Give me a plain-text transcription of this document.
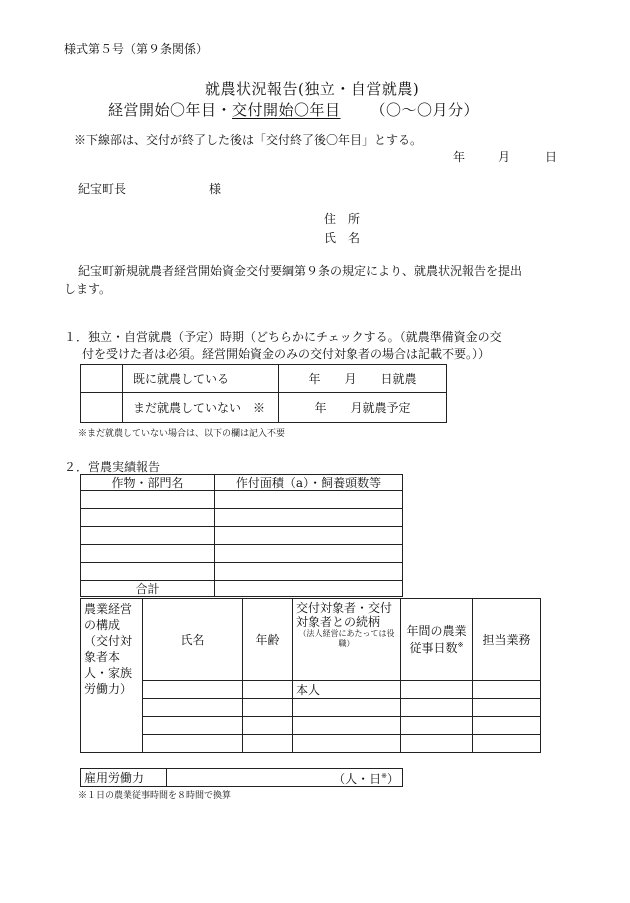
様式第５号（第９条関係）
就農状況報告(独立・自営就農)
経営開始〇年目・交付開始〇年目 （〇～〇月分）
※下線部は、交付が終了した後は「交付終了後〇年目」とする。
年	月	日
紀宝町長	様
住　所
氏　名
紀宝町新規就農者経営開始資金交付要綱第９条の規定により、就農状況報告を提出
します。
１．独立・自営就農（予定）時期（どちらかにチェックする。（就農準備資金の交
付を受けた者は必須。経営開始資金のみの交付対象者の場合は記載不要。））
	既に就農している	年　　月　　日就農
	まだ就農していない　※	年　　月就農予定
※まだ就農していない場合は、以下の欄は記入不要
２．営農実績報告
作物・部門名	作付面積（a）・飼養頭数等

合計	
農業経営の構成（交付対象者本人・家族労働力）	氏名	年齢	交付対象者・交付対象者との続柄
（法人経営にあたっては役職）	年間の農業従事日数※	担当業務
			本人		

雇用労働力	（人・日※）
※１日の農業従事時間を８時間で換算
